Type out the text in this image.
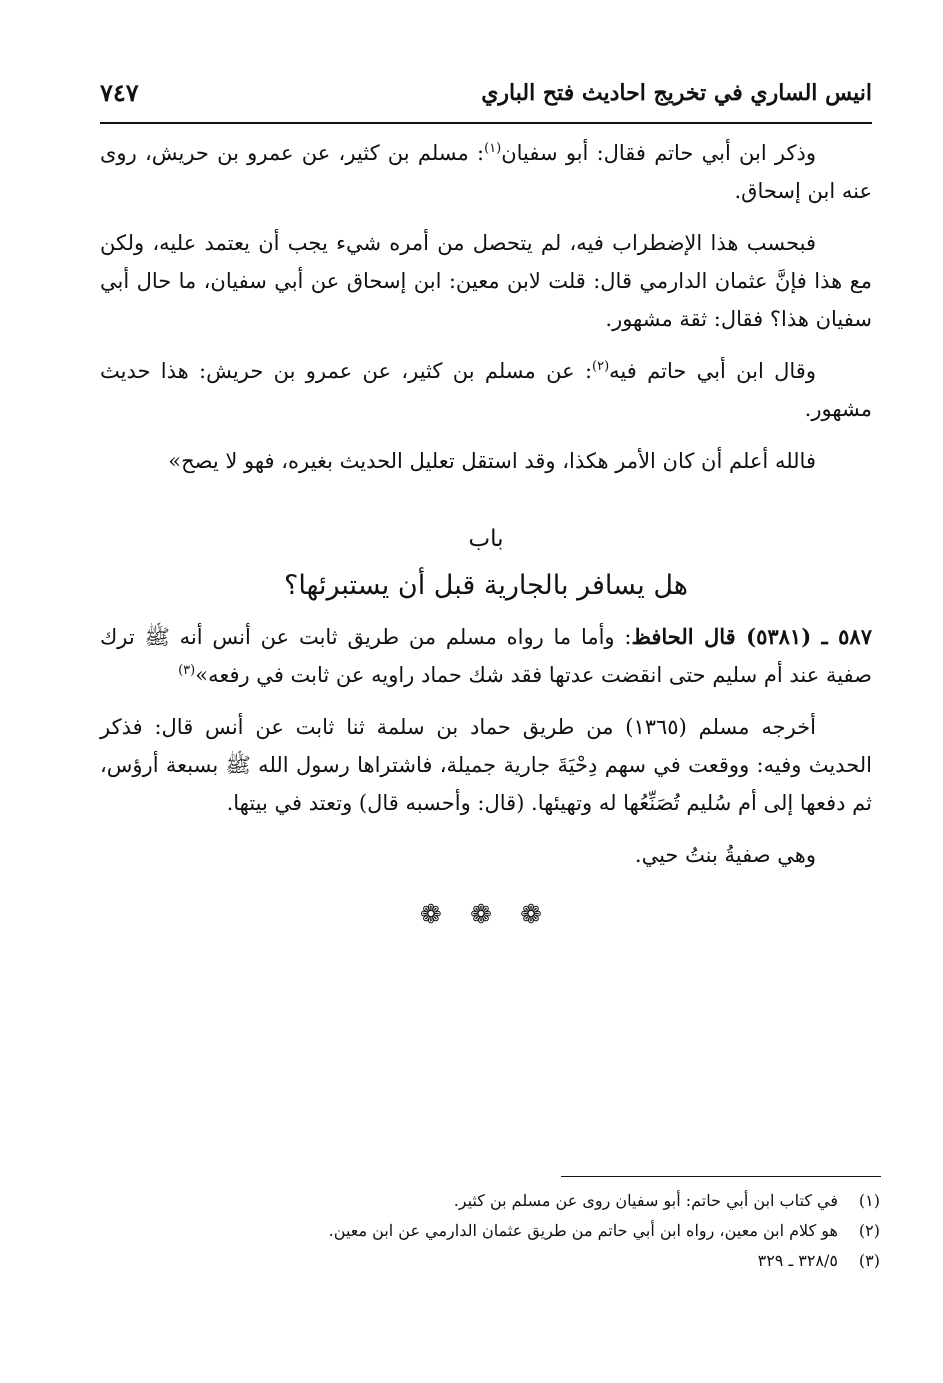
انيس الساري في تخريج احاديث فتح الباري
٧٤٧

وذكر ابن أبي حاتم فقال: أبو سفيان$^{(١)}$: مسلم بن كثير، عن عمرو بن حريش، روى عنه ابن إسحاق.

فبحسب هذا الإضطراب فيه، لم يتحصل من أمره شيء يجب أن يعتمد عليه، ولكن مع هذا فإنَّ عثمان الدارمي قال: قلت لابن معين: ابن إسحاق عن أبي سفيان، ما حال أبي سفيان هذا؟ فقال: ثقة مشهور.

وقال ابن أبي حاتم فيه$^{(٢)}$: عن مسلم بن كثير، عن عمرو بن حريش: هذا حديث مشهور.

فالله أعلم أن كان الأمر هكذا، وقد استقل تعليل الحديث بغيره، فهو لا يصح»

باب
هل يسافر بالجارية قبل أن يستبرئها؟

٥٨٧ ـ (٥٣٨١) قال الحافظ: وأما ما رواه مسلم من طريق ثابت عن أنس أنه ﷺ ترك صفية عند أم سليم حتى انقضت عدتها فقد شك حماد راويه عن ثابت في رفعه»$^{(٣)}$

أخرجه مسلم (١٣٦٥) من طريق حماد بن سلمة ثنا ثابت عن أنس قال: فذكر الحديث وفيه: ووقعت في سهم دِحْيَةَ جارية جميلة، فاشتراها رسول الله ﷺ بسبعة أرؤس، ثم دفعها إلى أم سُليم تُصَنِّعُها له وتهيئها. (قال: وأحسبه قال) وتعتد في بيتها.

وهي صفيةُ بنتُ حيي.

❁ ❁ ❁
(١)في كتاب ابن أبي حاتم: أبو سفيان روى عن مسلم بن كثير.
(٢)هو كلام ابن معين، رواه ابن أبي حاتم من طريق عثمان الدارمي عن ابن معين.
(٣)٣٢٨/٥ ـ ٣٢٩
